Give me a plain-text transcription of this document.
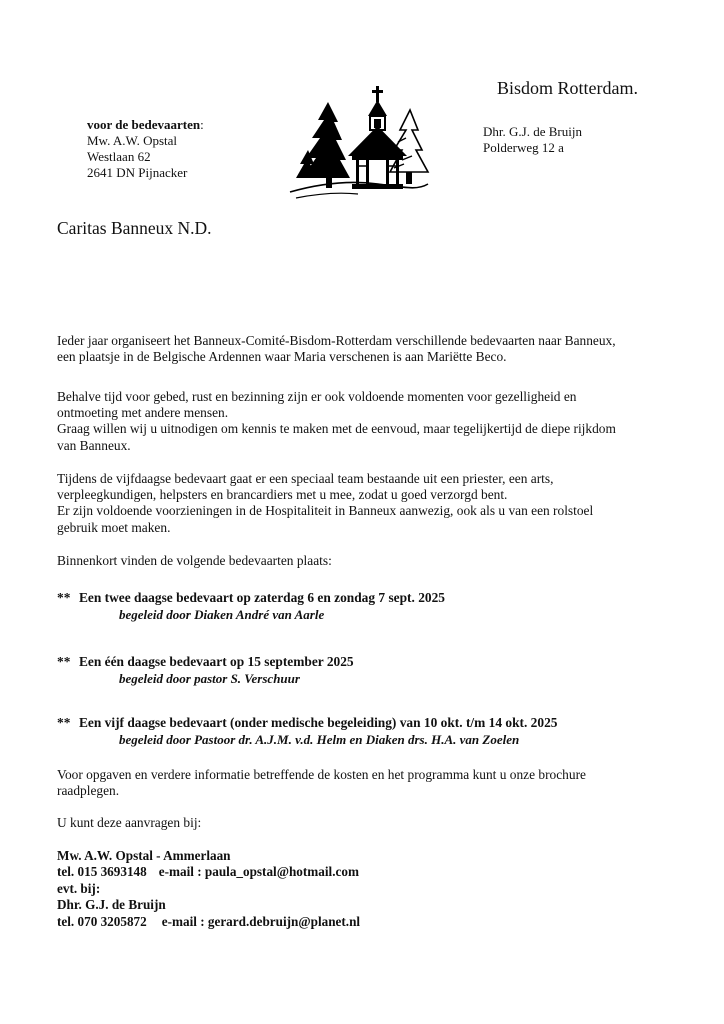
Bisdom Rotterdam.
voor de bedevaarten:
Mw. A.W. Opstal
Westlaan 62
2641 DN Pijnacker
Dhr. G.J. de Bruijn
Polderweg 12 a
Caritas Banneux N.D.

Ieder jaar organiseert het Banneux-Comité-Bisdom-Rotterdam verschillende bedevaarten naar Banneux,

een plaatsje in de Belgische Ardennen waar Maria verschenen is aan Mariëtte Beco.

Behalve tijd voor gebed, rust en bezinning zijn er ook voldoende momenten voor gezelligheid en

ontmoeting met andere mensen.

Graag willen wij u uitnodigen om kennis te maken met de eenvoud, maar tegelijkertijd de diepe rijkdom

van Banneux.

Tijdens de vijfdaagse bedevaart gaat er een speciaal team bestaande uit een priester, een arts,

verpleegkundigen, helpsters en brancardiers met u mee, zodat u goed verzorgd bent.

Er zijn voldoende voorzieningen in de Hospitaliteit in Banneux aanwezig, ook als u van een rolstoel

gebruik moet maken.

Binnenkort vinden de volgende bedevaarten plaats:
** Een twee daagse bedevaart op zaterdag 6 en zondag 7 sept. 2025
begeleid door Diaken André van Aarle
** Een één daagse bedevaart op 15 september 2025
begeleid door pastor S. Verschuur
** Een vijf daagse bedevaart (onder medische begeleiding) van 10 okt. t/m 14 okt. 2025
begeleid door Pastoor dr. A.J.M. v.d. Helm en Diaken drs. H.A. van Zoelen

Voor opgaven en verdere informatie betreffende de kosten en het programma kunt u onze brochure

raadplegen.

U kunt deze aanvragen bij:
Mw. A.W. Opstal - Ammerlaan
tel. 015 3693148 e-mail : paula_opstal@hotmail.com
evt. bij:
Dhr. G.J. de Bruijn
tel. 070 3205872 e-mail : gerard.debruijn@planet.nl
